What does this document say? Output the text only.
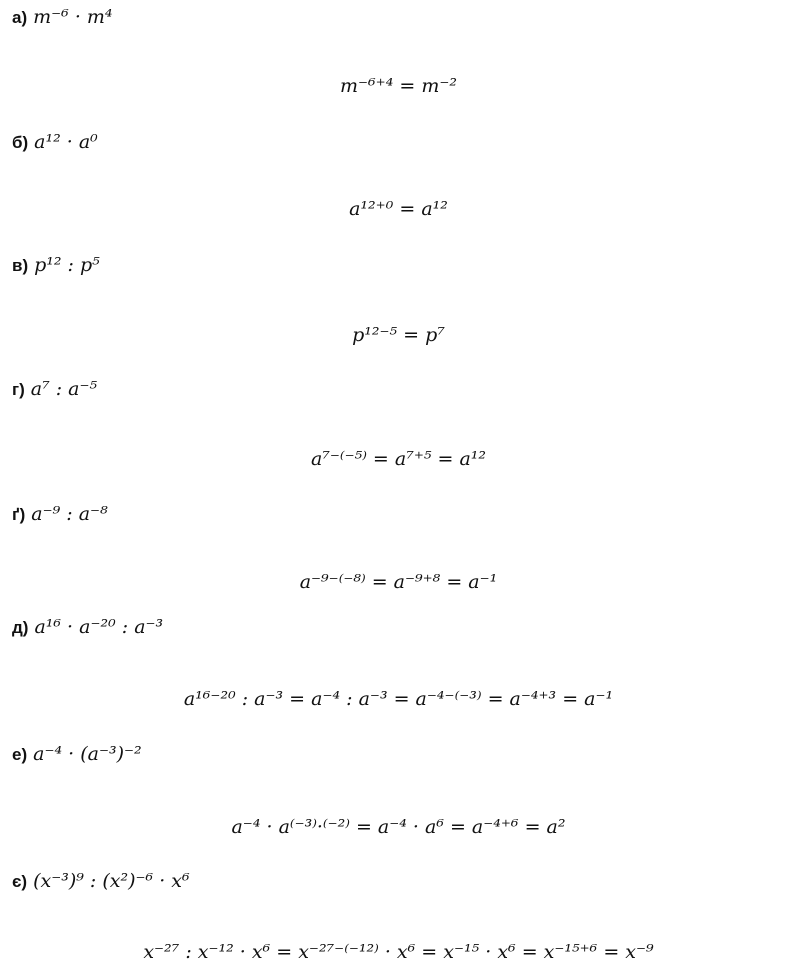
а) m⁻⁶ · m⁴
m⁻⁶⁺⁴ = m⁻²
б) a¹² · a⁰
a¹²⁺⁰ = a¹²
в) p¹² : p⁵
p¹²⁻⁵ = p⁷
г) a⁷ : a⁻⁵
a⁷⁻⁽⁻⁵⁾ = a⁷⁺⁵ = a¹²
ґ) a⁻⁹ : a⁻⁸
a⁻⁹⁻⁽⁻⁸⁾ = a⁻⁹⁺⁸ = a⁻¹
д) a¹⁶ · a⁻²⁰ : a⁻³
a¹⁶⁻²⁰ : a⁻³ = a⁻⁴ : a⁻³ = a⁻⁴⁻⁽⁻³⁾ = a⁻⁴⁺³ = a⁻¹
е) a⁻⁴ · (a⁻³)⁻²
a⁻⁴ · a⁽⁻³⁾·⁽⁻²⁾ = a⁻⁴ · a⁶ = a⁻⁴⁺⁶ = a²
є) (x⁻³)⁹ : (x²)⁻⁶ · x⁶
x⁻²⁷ : x⁻¹² · x⁶ = x⁻²⁷⁻⁽⁻¹²⁾ · x⁶ = x⁻¹⁵ · x⁶ = x⁻¹⁵⁺⁶ = x⁻⁹
